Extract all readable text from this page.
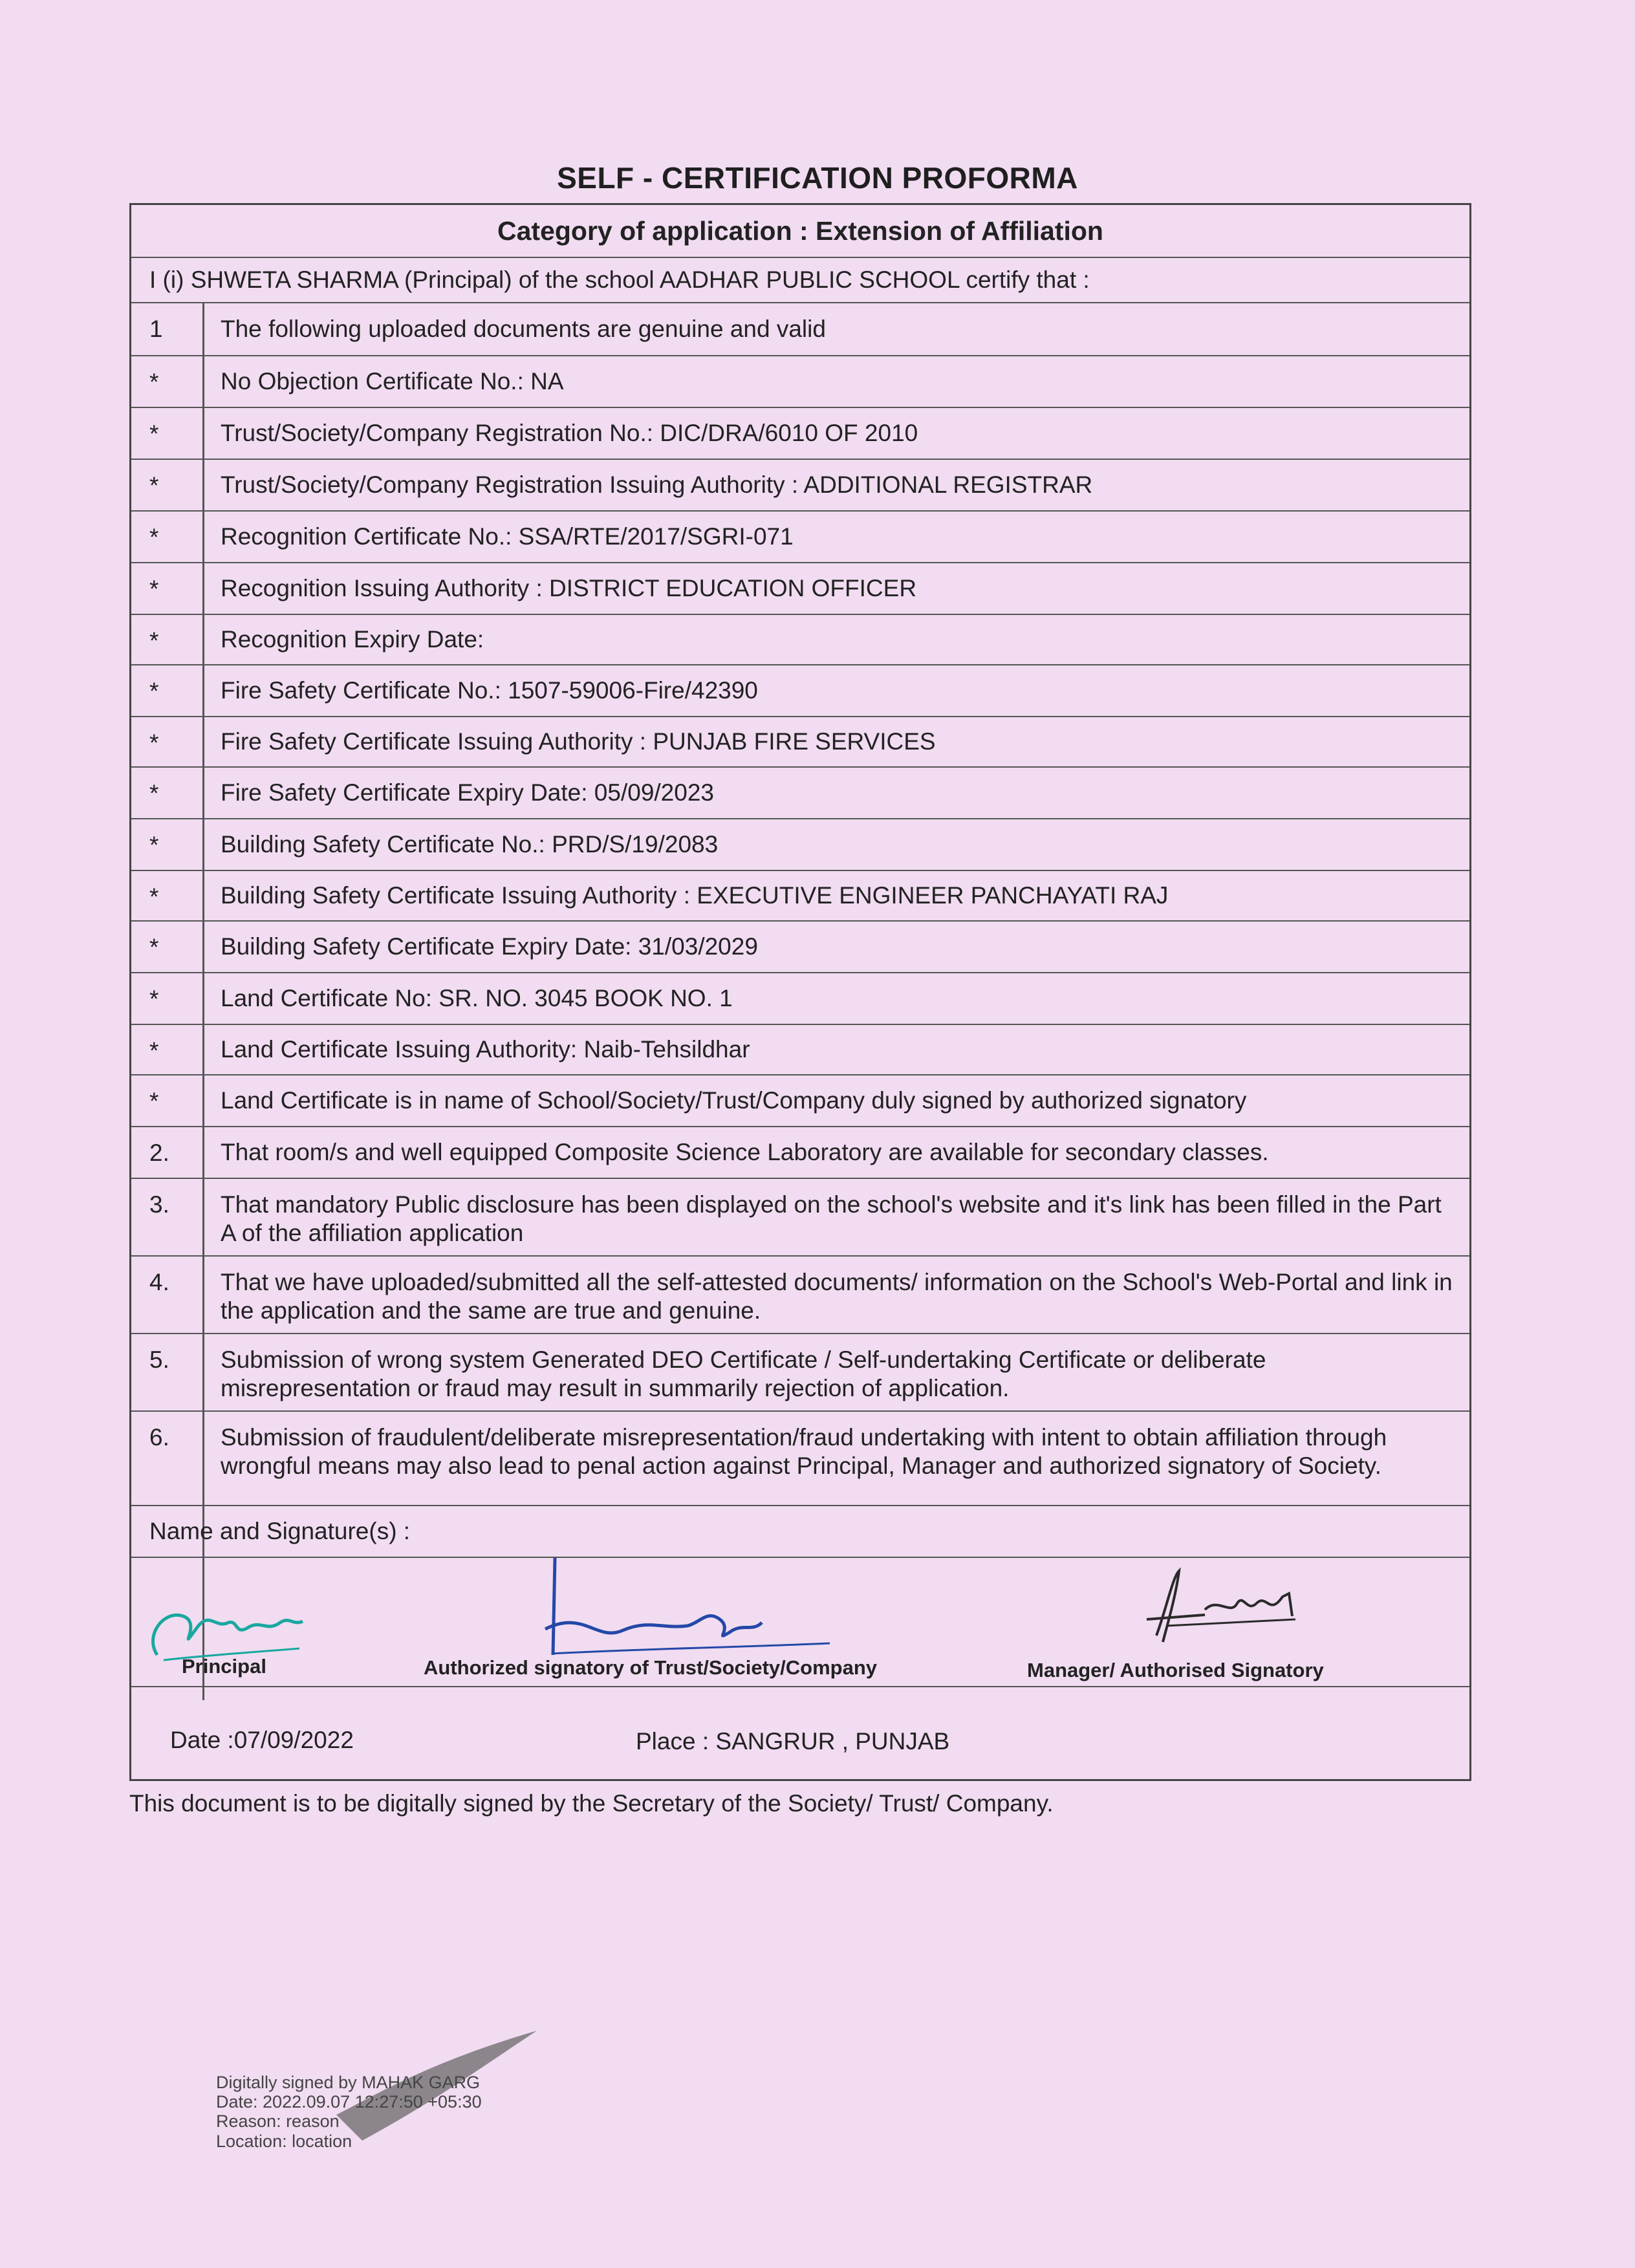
SELF - CERTIFICATION PROFORMA
Category of application : Extension of Affiliation
I (i) SHWETA SHARMA (Principal) of the school AADHAR PUBLIC SCHOOL certify that :
1 The following uploaded documents are genuine and valid
*	No Objection Certificate No.: NA
*	Trust/Society/Company Registration No.: DIC/DRA/6010 OF 2010
*	Trust/Society/Company Registration Issuing Authority : ADDITIONAL REGISTRAR
*	Recognition Certificate No.: SSA/RTE/2017/SGRI-071
*	Recognition Issuing Authority : DISTRICT EDUCATION OFFICER
*	Recognition Expiry Date:
*	Fire Safety Certificate No.: 1507-59006-Fire/42390
*	Fire Safety Certificate Issuing Authority : PUNJAB FIRE SERVICES
*	Fire Safety Certificate Expiry Date: 05/09/2023
*	Building Safety Certificate No.: PRD/S/19/2083
*	Building Safety Certificate Issuing Authority : EXECUTIVE ENGINEER PANCHAYATI RAJ
*	Building Safety Certificate Expiry Date: 31/03/2029
*	Land Certificate No: SR. NO. 3045 BOOK NO. 1
*	Land Certificate Issuing Authority: Naib-Tehsildhar
*	Land Certificate is in name of School/Society/Trust/Company duly signed by authorized signatory
2. That room/s and well equipped Composite Science Laboratory are available for secondary classes.
3. That mandatory Public disclosure has been displayed on the school's website and it's link has been filled in the Part A of the affiliation application
4. That we have uploaded/submitted all the self-attested documents/ information on the School's Web-Portal and link in the application and the same are true and genuine.
5. Submission of wrong system Generated DEO Certificate / Self-undertaking Certificate or deliberate misrepresentation or fraud may result in summarily rejection of application.
6. Submission of fraudulent/deliberate misrepresentation/fraud undertaking with intent to obtain affiliation through wrongful means may also lead to penal action against Principal, Manager and authorized signatory of Society.
Name and Signature(s) :
Principal	Authorized signatory of Trust/Society/Company	Manager/ Authorised Signatory
Date :07/09/2022	Place : SANGRUR , PUNJAB
This document is to be digitally signed by the Secretary of the Society/ Trust/ Company.
Digitally signed by MAHAK GARG
Date: 2022.09.07 12:27:50 +05:30
Reason: reason
Location: location
